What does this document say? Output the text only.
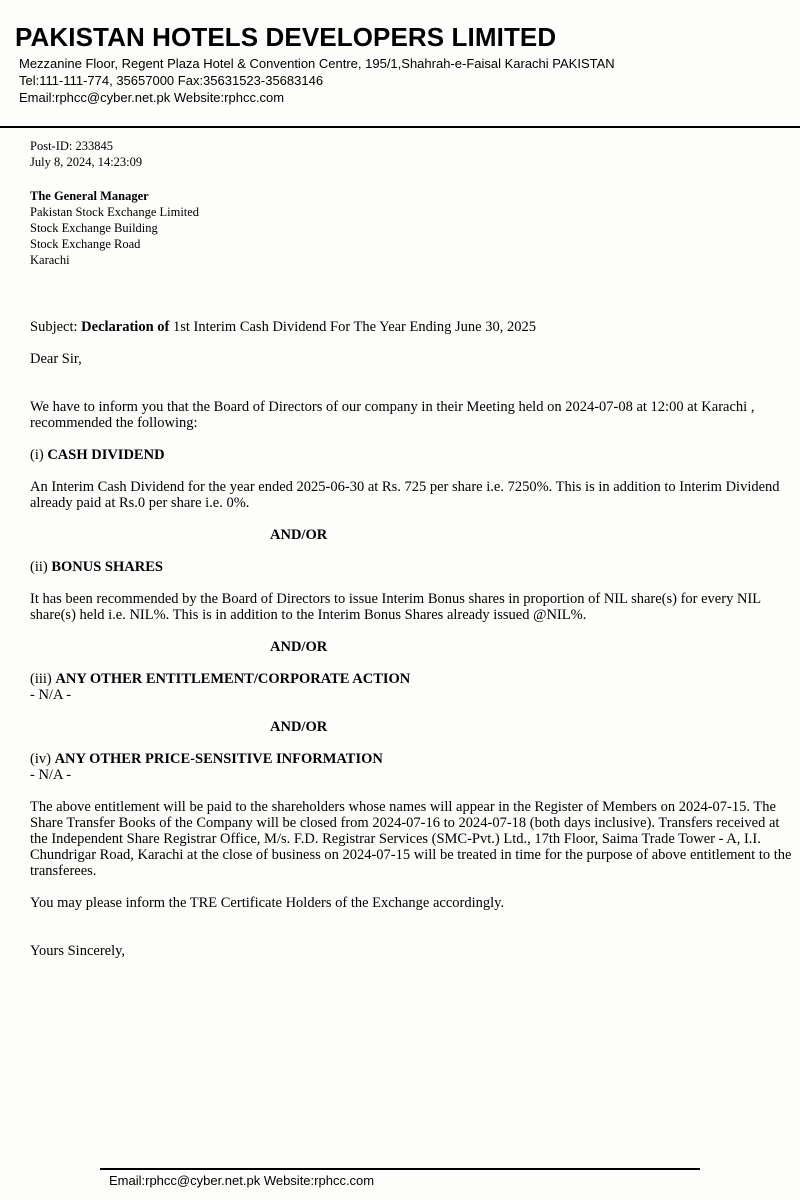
PAKISTAN HOTELS DEVELOPERS LIMITED
Mezzanine Floor, Regent Plaza Hotel & Convention Centre, 195/1,Shahrah-e-Faisal Karachi PAKISTAN
Tel:111-111-774, 35657000 Fax:35631523-35683146
Email:rphcc@cyber.net.pk Website:rphcc.com
Post-ID: 233845
July 8, 2024, 14:23:09
The General Manager
Pakistan Stock Exchange Limited
Stock Exchange Building
Stock Exchange Road
Karachi
Subject: Declaration of 1st Interim Cash Dividend For The Year Ending June 30, 2025
Dear Sir,
We have to inform you that the Board of Directors of our company in their Meeting held on 2024-07-08 at 12:00 at Karachi , recommended the following:
(i) CASH DIVIDEND
An Interim Cash Dividend for the year ended 2025-06-30 at Rs. 725 per share i.e. 7250%. This is in addition to Interim Dividend already paid at Rs.0 per share i.e. 0%.
AND/OR
(ii) BONUS SHARES
It has been recommended by the Board of Directors to issue Interim Bonus shares in proportion of NIL share(s) for every NIL share(s) held i.e. NIL%. This is in addition to the Interim Bonus Shares already issued @NIL%.
AND/OR
(iii) ANY OTHER ENTITLEMENT/CORPORATE ACTION
- N/A -
AND/OR
(iv) ANY OTHER PRICE-SENSITIVE INFORMATION
- N/A -
The above entitlement will be paid to the shareholders whose names will appear in the Register of Members on 2024-07-15. The Share Transfer Books of the Company will be closed from 2024-07-16 to 2024-07-18 (both days inclusive). Transfers received at the Independent Share Registrar Office, M/s. F.D. Registrar Services (SMC-Pvt.) Ltd., 17th Floor, Saima Trade Tower - A, I.I. Chundrigar Road, Karachi at the close of business on 2024-07-15 will be treated in time for the purpose of above entitlement to the transferees.
You may please inform the TRE Certificate Holders of the Exchange accordingly.
Yours Sincerely,
Email:rphcc@cyber.net.pk Website:rphcc.com
